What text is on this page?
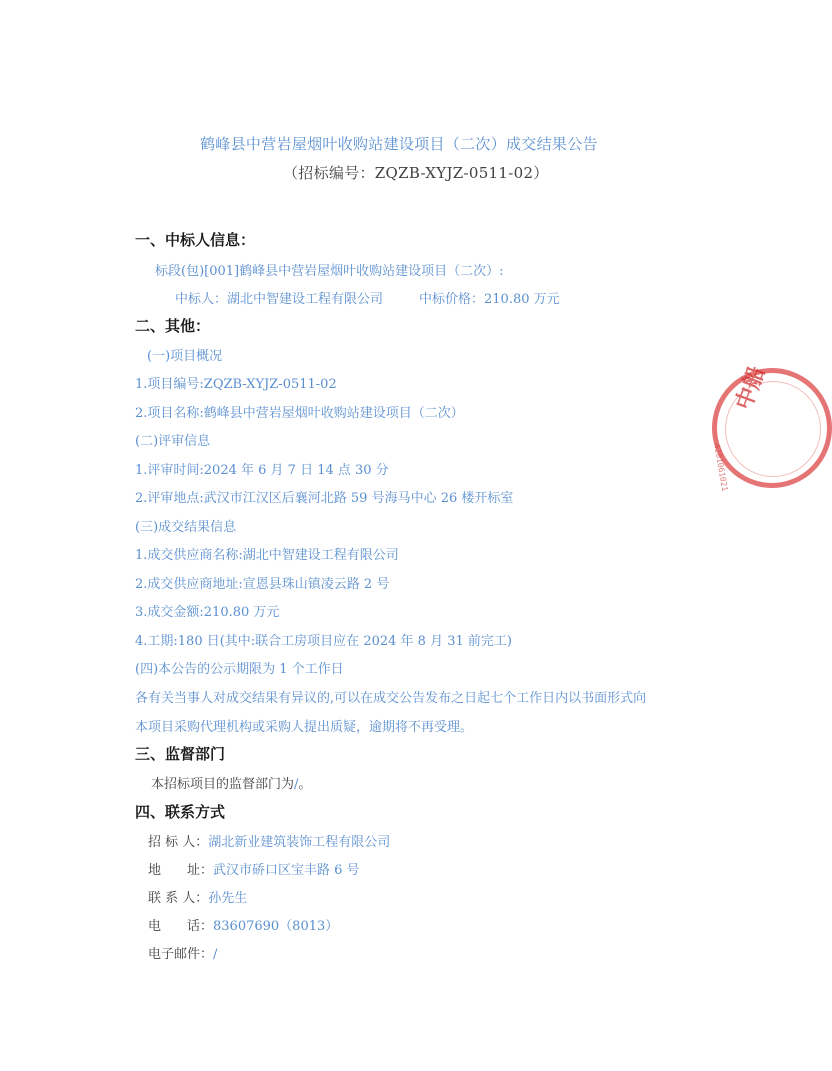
鹤峰县中营岩屋烟叶收购站建设项目（二次）成交结果公告
（招标编号：ZQZB-XYJZ-0511-02）
一、中标人信息：
标段(包)[001]鹤峰县中营岩屋烟叶收购站建设项目（二次）:
中标人：湖北中智建设工程有限公司	中标价格：210.80 万元
二、其他：
(一)项目概况
1.项目编号:ZQZB-XYJZ-0511-02
2.项目名称:鹤峰县中营岩屋烟叶收购站建设项目（二次）
(二)评审信息
1.评审时间:2024 年 6 月 7 日 14 点 30 分
2.评审地点:武汉市江汉区后襄河北路 59 号海马中心 26 楼开标室
(三)成交结果信息
1.成交供应商名称:湖北中智建设工程有限公司
2.成交供应商地址:宣恩县珠山镇凌云路 2 号
3.成交金额:210.80 万元
4.工期:180 日(其中:联合工房项目应在 2024 年 8 月 31 前完工)
(四)本公告的公示期限为 1 个工作日
各有关当事人对成交结果有异议的,可以在成交公告发布之日起七个工作日内以书面形式向
本项目采购代理机构或采购人提出质疑，逾期将不再受理。
三、监督部门
本招标项目的监督部门为/。
四、联系方式
招 标 人：湖北新业建筑装饰工程有限公司
地　　址：武汉市硚口区宝丰路 6 号
联 系 人：孙先生
电　　话：83607690（8013）
电子邮件：/
中船
4201061021
